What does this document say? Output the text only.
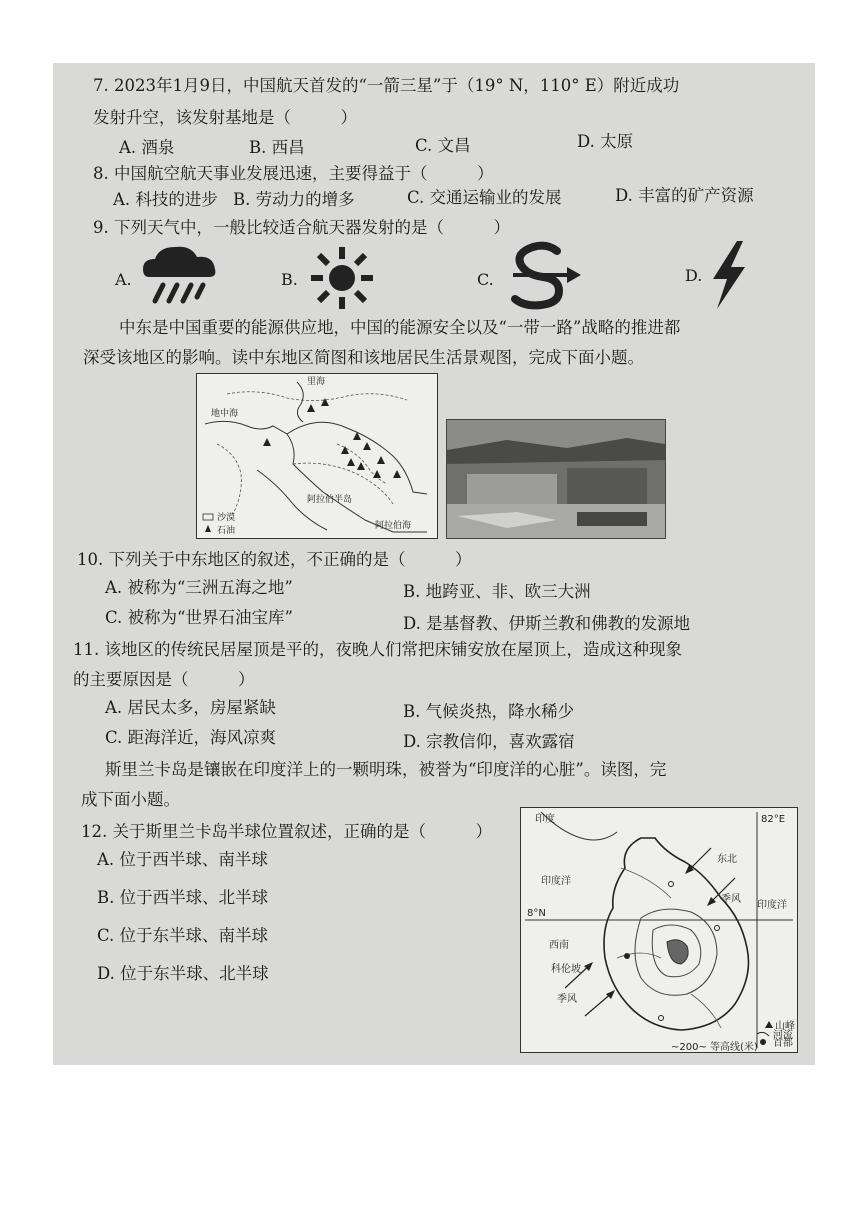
7. 2023年1月9日，中国航天首发的“一箭三星”于（19° N，110° E）附近成功
发射升空，该发射基地是（　　　）
A. 酒泉	B. 西昌	C. 文昌	D. 太原
8. 中国航空航天事业发展迅速，主要得益于（　　　）
A. 科技的进步 B. 劳动力的增多	C. 交通运输业的发展	D. 丰富的矿产资源
9. 下列天气中，一般比较适合航天器发射的是（　　　）
A.	B.	C.	D.
中东是中国重要的能源供应地，中国的能源安全以及“一带一路”战略的推进都
深受该地区的影响。读中东地区简图和该地居民生活景观图，完成下面小题。
里海
地中海
阿拉伯半岛
阿拉伯海
沙漠
石油
10. 下列关于中东地区的叙述，不正确的是（　　　）
A. 被称为“三洲五海之地”	B. 地跨亚、非、欧三大洲
C. 被称为“世界石油宝库”	D. 是基督教、伊斯兰教和佛教的发源地
11. 该地区的传统民居屋顶是平的，夜晚人们常把床铺安放在屋顶上，造成这种现象
的主要原因是（　　　）
A. 居民太多，房屋紧缺	B. 气候炎热，降水稀少
C. 距海洋近，海风凉爽	D. 宗教信仰，喜欢露宿
斯里兰卡岛是镶嵌在印度洋上的一颗明珠，被誉为“印度洋的心脏”。读图，完
成下面小题。
12. 关于斯里兰卡岛半球位置叙述，正确的是（　　　）
A. 位于西半球、南半球
B. 位于西半球、北半球
C. 位于东半球、南半球
D. 位于东半球、北半球
印度	82°E
8°N
印度洋
印度洋
东北
季风
西南
科伦坡
季风
山峰
河流
首都
~200~ 等高线(米)
